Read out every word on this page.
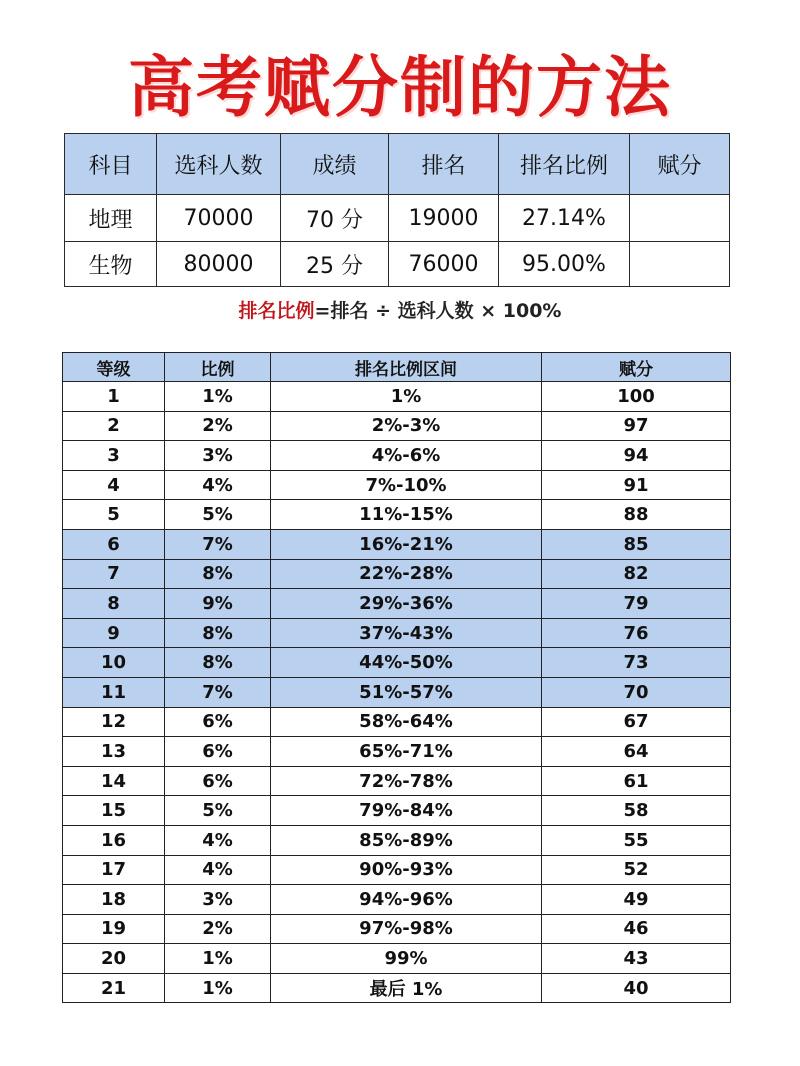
高考赋分制的方法
科目	选科人数	成绩	排名	排名比例	赋分
地理	70000	70 分	19000	27.14%	
生物	80000	25 分	76000	95.00%	
排名比例=排名 ÷ 选科人数 × 100%
等级	比例	排名比例区间	赋分
1	1%	1%	100
2	2%	2%-3%	97
3	3%	4%-6%	94
4	4%	7%-10%	91
5	5%	11%-15%	88
6	7%	16%-21%	85
7	8%	22%-28%	82
8	9%	29%-36%	79
9	8%	37%-43%	76
10	8%	44%-50%	73
11	7%	51%-57%	70
12	6%	58%-64%	67
13	6%	65%-71%	64
14	6%	72%-78%	61
15	5%	79%-84%	58
16	4%	85%-89%	55
17	4%	90%-93%	52
18	3%	94%-96%	49
19	2%	97%-98%	46
20	1%	99%	43
21	1%	最后 1%	40
